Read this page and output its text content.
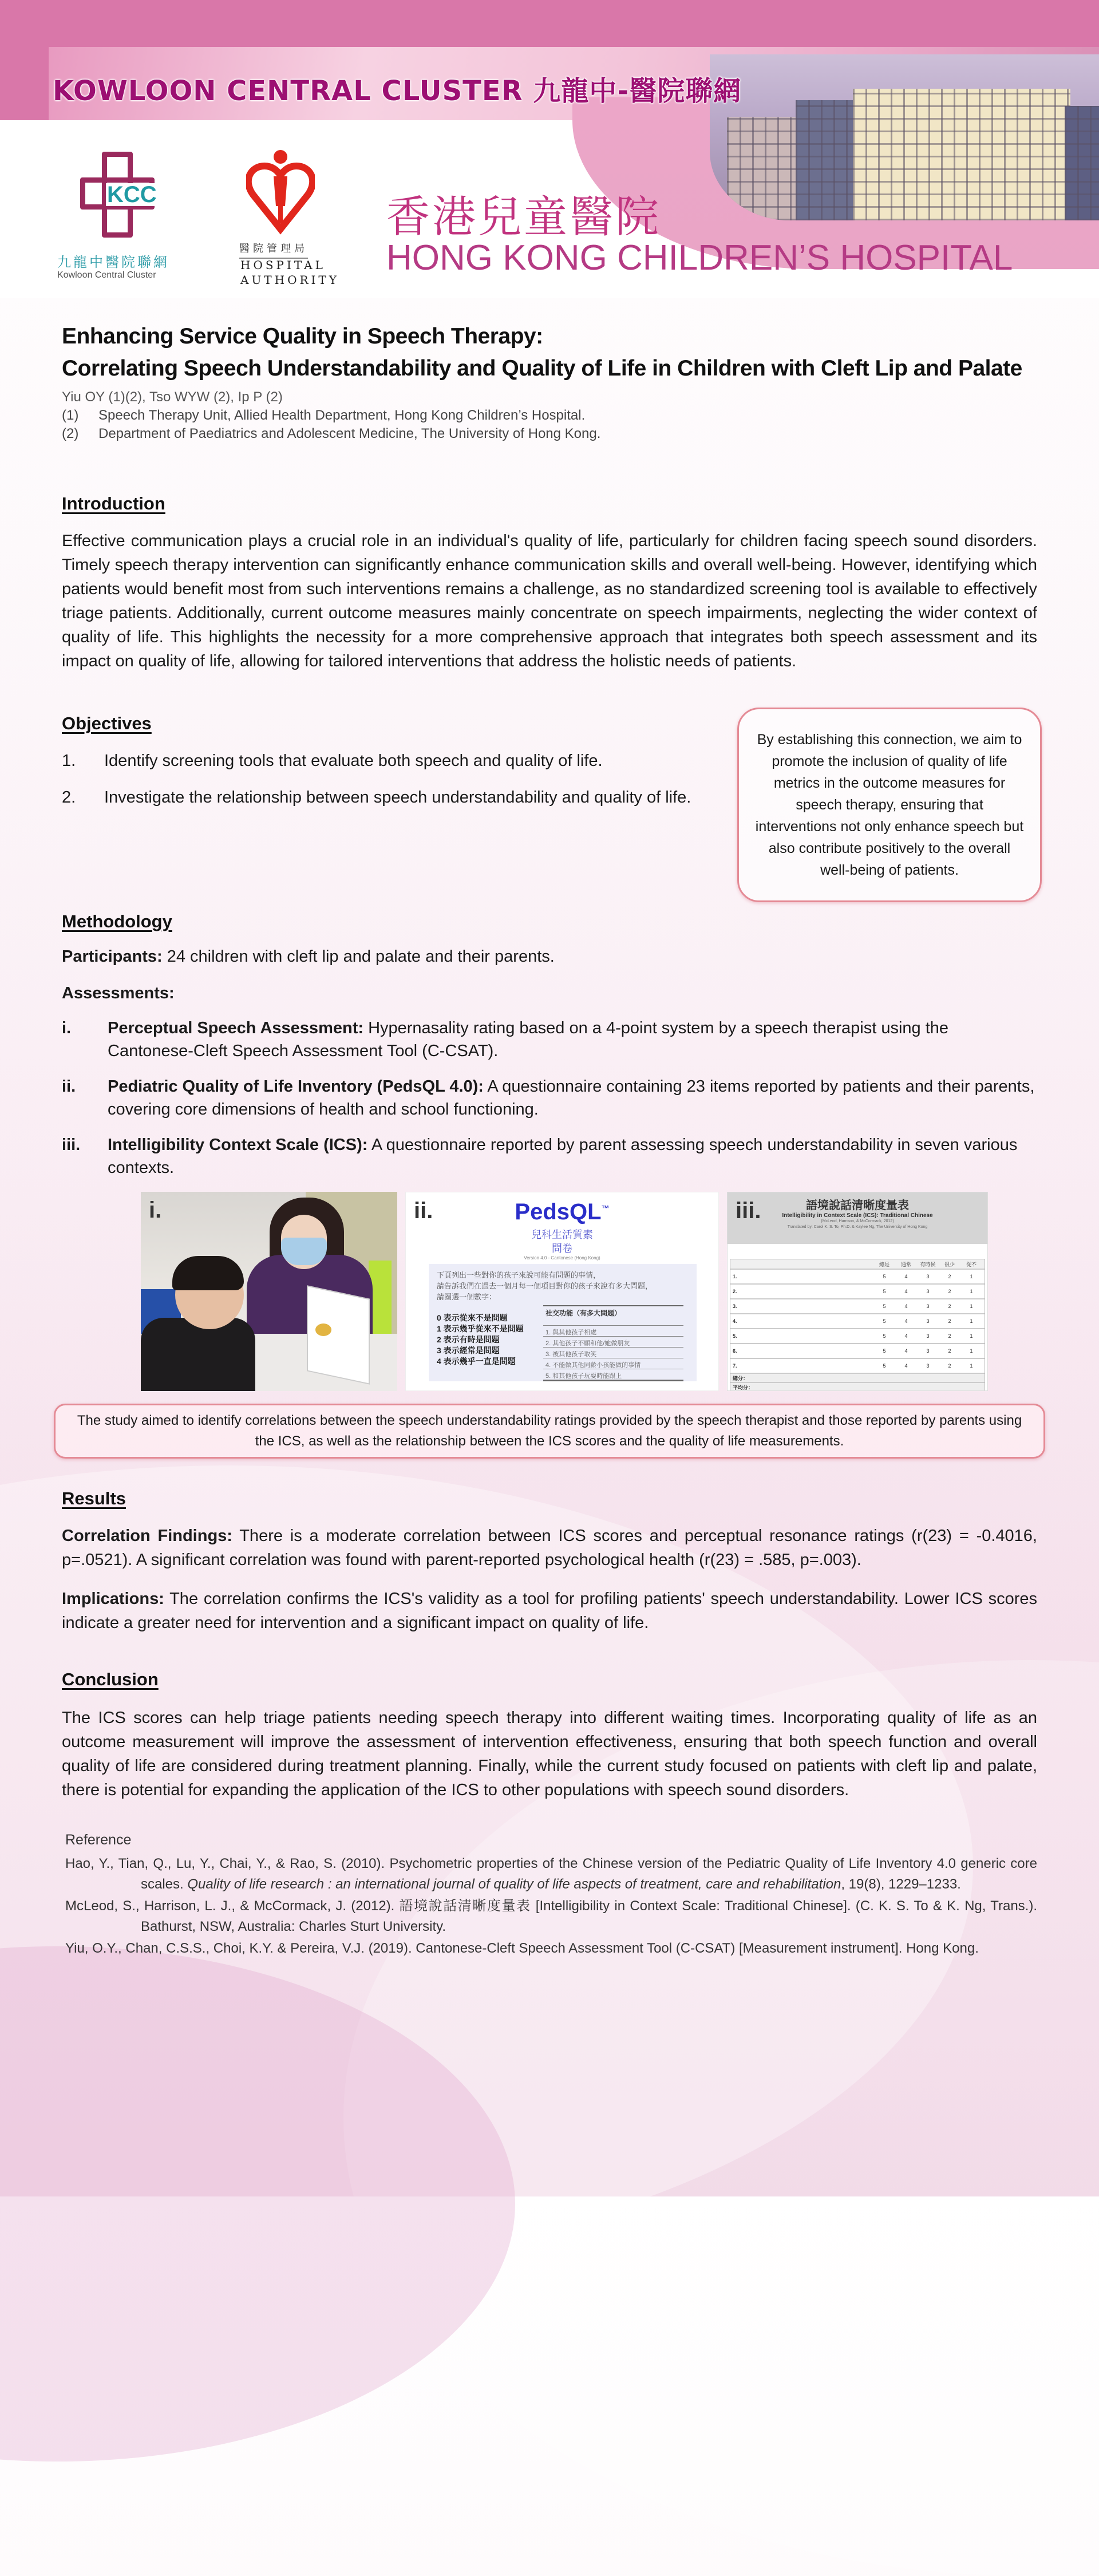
KOWLOON CENTRAL CLUSTER 九龍中-醫院聯網
KCC
九龍中醫院聯網
Kowloon Central Cluster
醫院管理局
HOSPITAL
AUTHORITY
香港兒童醫院
HONG KONG CHILDREN’S HOSPITAL
Enhancing Service Quality in Speech Therapy:
Correlating Speech Understandability and Quality of Life in Children with Cleft Lip and Palate
Yiu OY (1)(2), Tso WYW (2), Ip P (2)
(1)	Speech Therapy Unit, Allied Health Department, Hong Kong Children’s Hospital.
(2)	Department of Paediatrics and Adolescent Medicine, The University of Hong Kong.
Introduction

Effective communication plays a crucial role in an individual's quality of life, particularly for children facing speech sound disorders. Timely speech therapy intervention can significantly enhance communication skills and overall well-being. However, identifying which patients would benefit most from such interventions remains a challenge, as no standardized screening tool is available to effectively triage patients. Additionally, current outcome measures mainly concentrate on speech impairments, neglecting the wider context of quality of life. This highlights the necessity for a more comprehensive approach that integrates both speech assessment and its impact on quality of life, allowing for tailored interventions that address the holistic needs of patients.

Objectives
1.	Identify screening tools that evaluate both speech and quality of life.
2.	Investigate the relationship between speech understandability and quality of life.
By establishing this connection, we aim to promote the inclusion of quality of life metrics in the outcome measures for speech therapy, ensuring that interventions not only enhance speech but also contribute positively to the overall well-being of patients.
Methodology
Participants: 24 children with cleft lip and palate and their parents.
Assessments:
i.	Perceptual Speech Assessment: Hypernasality rating based on a 4-point system by a speech therapist using the Cantonese-Cleft Speech Assessment Tool (C-CSAT).
ii.	Pediatric Quality of Life Inventory (PedsQL 4.0): A questionnaire containing 23 items reported by patients and their parents, covering core dimensions of health and school functioning.
iii.	Intelligibility Context Scale (ICS): A questionnaire reported by parent assessing speech understandability in seven various contexts.
i.	ii.	PedsQL™
兒科生活質素
問卷
Version 4.0 - Cantonese (Hong Kong)
下頁列出一些對你的孩子來說可能有問題的事情，
請告訴我們在過去一個月每一個項目對你的孩子來說有多大問題，
請圈選一個數字：
0 表示從來不是問題
1 表示幾乎從來不是問題
2 表示有時是問題
3 表示經常是問題
4 表示幾乎一直是問題
社交功能（有多大問題）
1. 與其他孩子相處
2. 其他孩子不願和他/她做朋友
3. 被其他孩子取笑
4. 不能做其他同齡小孩能做的事情
5. 和其他孩子玩耍時能跟上
語境說話清晰度量表
Intelligibility in Context Scale (ICS): Traditional Chinese
(McLeod, Harrison, & McCormack, 2012)
Translated by: Carol K. S. To, Ph.D. & Kaylee Ng, The University of Hong Kong
iii.
總是	通常	有時候	很少	從不
1.	5	4	3	2	1
2.	5	4	3	2	1
3.	5	4	3	2	1
4.	5	4	3	2	1
5.	5	4	3	2	1
6.	5	4	3	2	1
7.	5	4	3	2	1
總分：
平均分：
The study aimed to identify correlations between the speech understandability ratings provided by the speech therapist and those reported by parents using the ICS, as well as the relationship between the ICS scores and the quality of life measurements.
Results

Correlation Findings: There is a moderate correlation between ICS scores and perceptual resonance ratings (r(23) = -0.4016, p=.0521). A significant correlation was found with parent-reported psychological health (r(23) = .585, p=.003).

Implications: The correlation confirms the ICS's validity as a tool for profiling patients' speech understandability. Lower ICS scores indicate a greater need for intervention and a significant impact on quality of life.

Conclusion

The ICS scores can help triage patients needing speech therapy into different waiting times. Incorporating quality of life as an outcome measurement will improve the assessment of intervention effectiveness, ensuring that both speech function and overall quality of life are considered during treatment planning. Finally, while the current study focused on patients with cleft lip and palate, there is potential for expanding the application of the ICS to other populations with speech sound disorders.

Reference
Hao, Y., Tian, Q., Lu, Y., Chai, Y., & Rao, S. (2010). Psychometric properties of the Chinese version of the Pediatric Quality of Life Inventory 4.0 generic core scales. Quality of life research : an international journal of quality of life aspects of treatment, care and rehabilitation, 19(8), 1229–1233.
McLeod, S., Harrison, L. J., & McCormack, J. (2012). 語境說話清晰度量表 [Intelligibility in Context Scale: Traditional Chinese]. (C. K. S. To & K. Ng, Trans.). Bathurst, NSW, Australia: Charles Sturt University.
Yiu, O.Y., Chan, C.S.S., Choi, K.Y. & Pereira, V.J. (2019). Cantonese-Cleft Speech Assessment Tool (C-CSAT) [Measurement instrument]. Hong Kong.
